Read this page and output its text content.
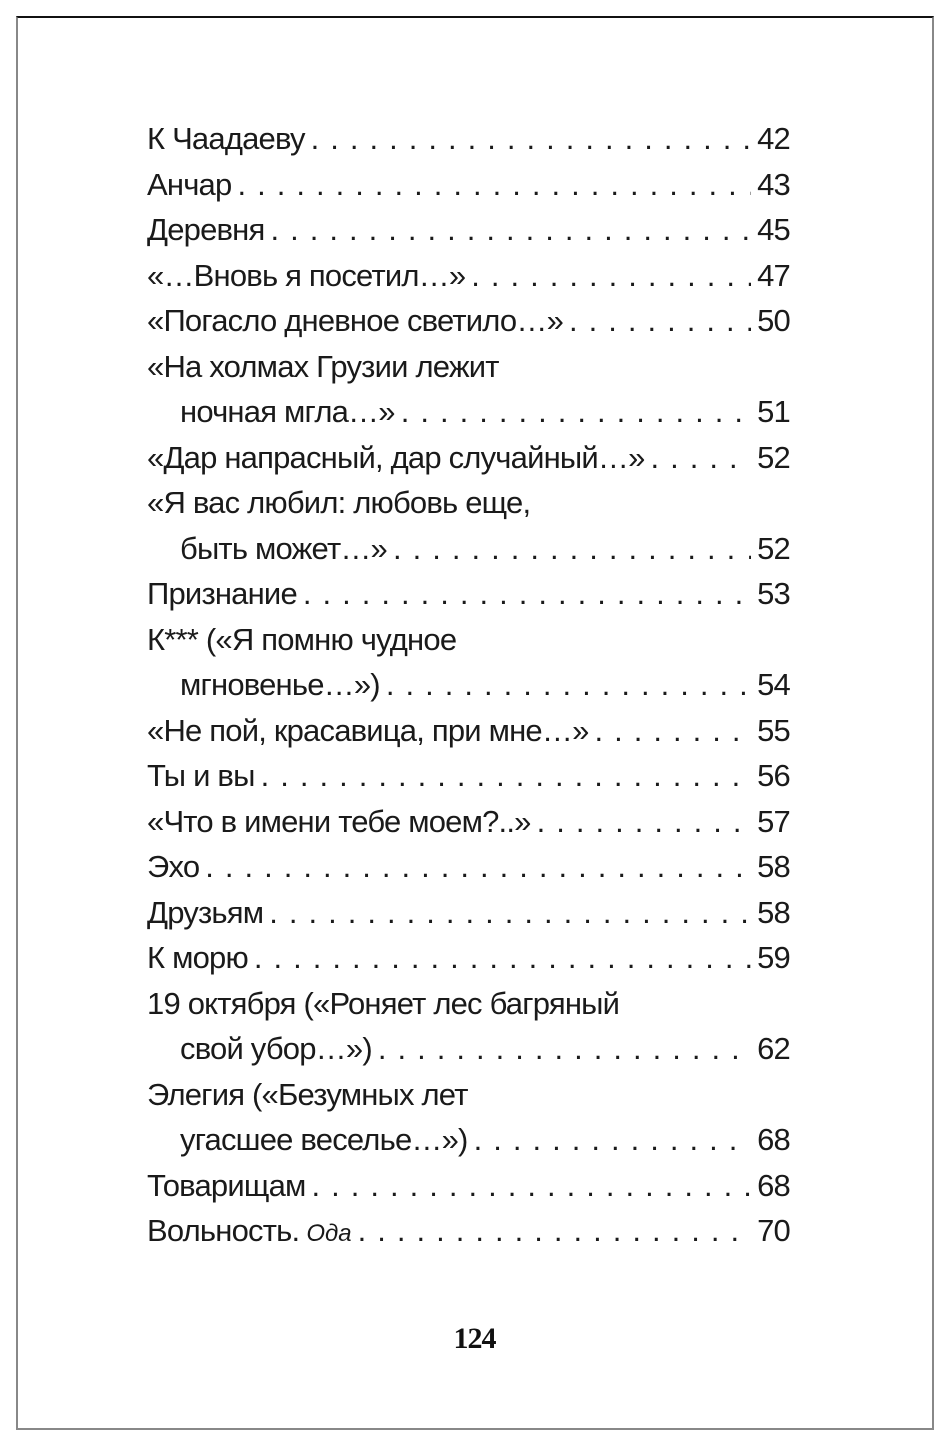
К Чаадаеву . . .	42
Анчар . . .	43
Деревня . . .	45
«…Вновь я посетил…» . . .	47
«Погасло дневное светило…» . . .	50
«На холмах Грузии лежит
ночная мгла…» . . .	51
«Дар напрасный, дар случайный…» . . .	52
«Я вас любил: любовь еще,
быть может…» . . .	52
Признание . . .	53
К*** («Я помню чудное
мгновенье…») . . .	54
«Не пой, красавица, при мне…» . . .	55
Ты и вы . . .	56
«Что в имени тебе моем?..» . . .	57
Эхо . . .	58
Друзьям . . .	58
К морю . . .	59
19 октября («Роняет лес багряный
свой убор…») . . .	62
Элегия («Безумных лет
угасшее веселье…») . . .	68
Товарищам . . .	68
Вольность. Ода . . .	70
124
